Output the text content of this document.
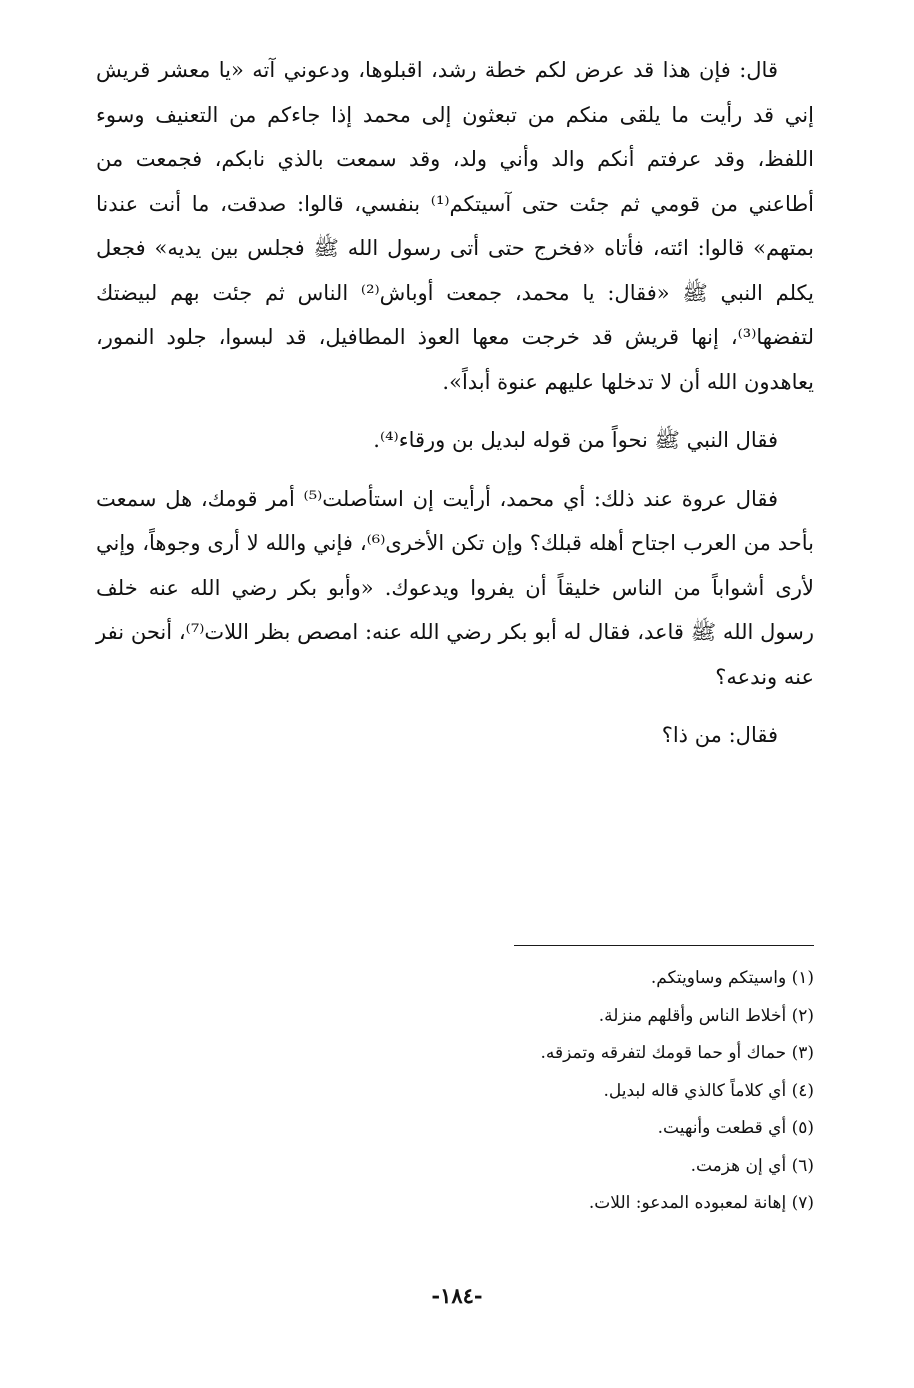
قال: فإن هذا قد عرض لكم خطة رشد، اقبلوها، ودعوني آته «يا معشر قريش إني قد رأيت ما يلقى منكم من تبعثون إلى محمد إذا جاءكم من التعنيف وسوء اللفظ، وقد عرفتم أنكم والد وأني ولد، وقد سمعت بالذي نابكم، فجمعت من أطاعني من قومي ثم جئت حتى آسيتكم⁽¹⁾ بنفسي، قالوا: صدقت، ما أنت عندنا بمتهم» قالوا: ائته، فأتاه «فخرج حتى أتى رسول الله ﷺ فجلس بين يديه» فجعل يكلم النبي ﷺ «فقال: يا محمد، جمعت أوباش⁽²⁾ الناس ثم جئت بهم لبيضتك لتفضها⁽³⁾، إنها قريش قد خرجت معها العوذ المطافيل، قد لبسوا، جلود النمور، يعاهدون الله أن لا تدخلها عليهم عنوة أبداً».

فقال النبي ﷺ نحواً من قوله لبديل بن ورقاء⁽⁴⁾.

فقال عروة عند ذلك: أي محمد، أرأيت إن استأصلت⁽⁵⁾ أمر قومك، هل سمعت بأحد من العرب اجتاح أهله قبلك؟ وإن تكن الأخرى⁽⁶⁾، فإني والله لا أرى وجوهاً، وإني لأرى أشواباً من الناس خليقاً أن يفروا ويدعوك. «وأبو بكر رضي الله عنه خلف رسول الله ﷺ قاعد، فقال له أبو بكر رضي الله عنه: امصص بظر اللات⁽⁷⁾، أنحن نفر عنه وندعه؟

فقال: من ذا؟

(١) واسيتكم وساويتكم.

(٢) أخلاط الناس وأقلهم منزلة.

(٣) حماك أو حما قومك لتفرقه وتمزقه.

(٤) أي كلاماً كالذي قاله لبديل.

(٥) أي قطعت وأنهيت.

(٦) أي إن هزمت.

(٧) إهانة لمعبوده المدعو: اللات.

-١٨٤-
